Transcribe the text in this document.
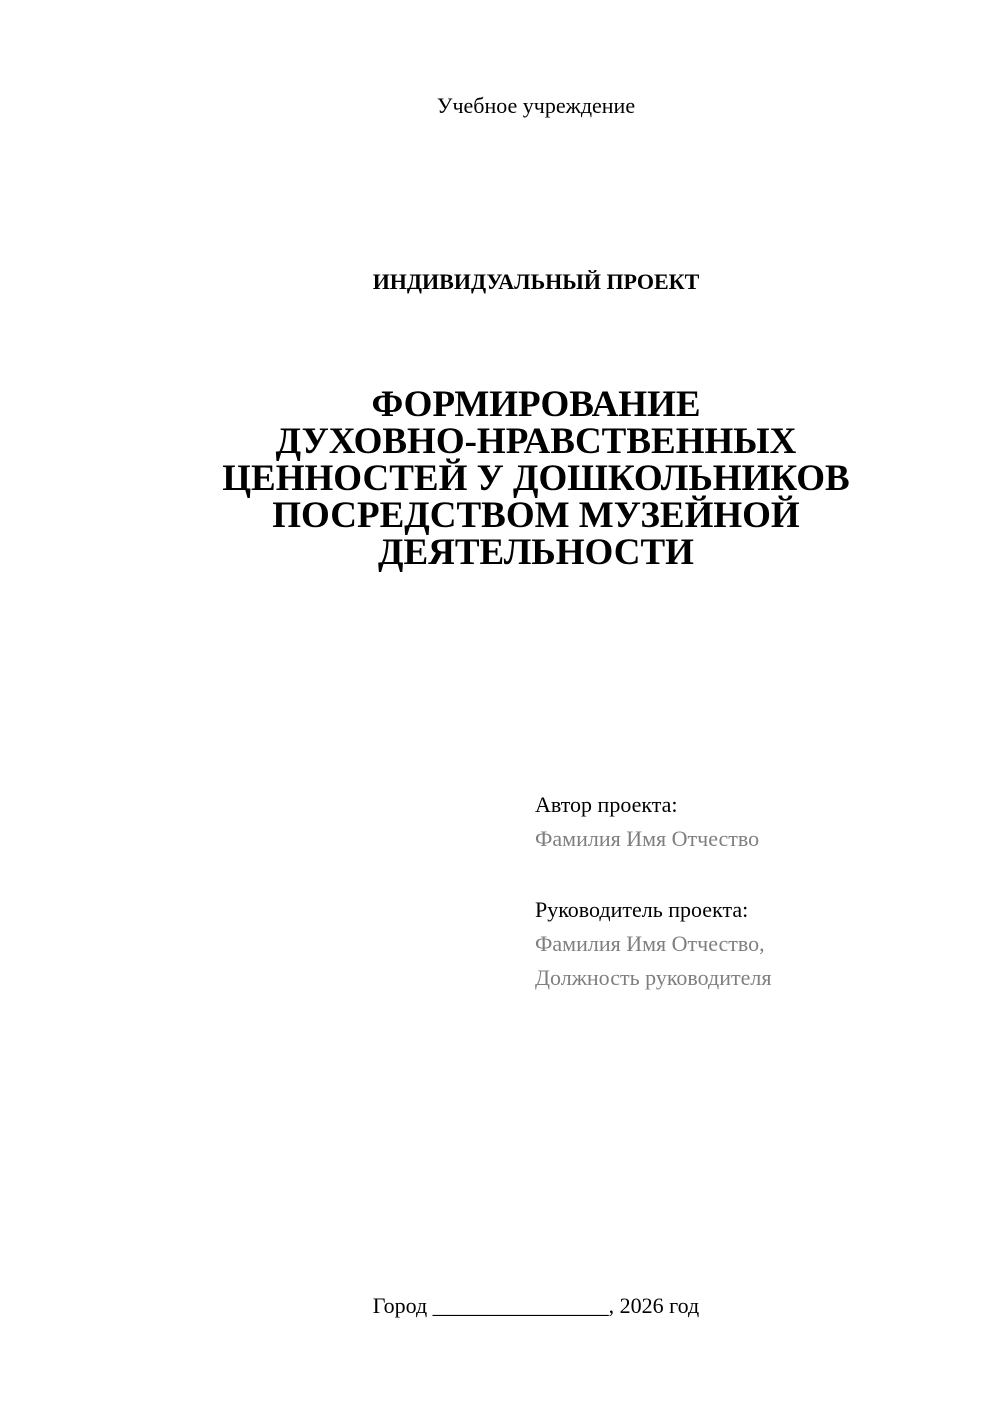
Учебное учреждение
ИНДИВИДУАЛЬНЫЙ ПРОЕКТ
ФОРМИРОВАНИЕ
ДУХОВНО-НРАВСТВЕННЫХ
ЦЕННОСТЕЙ У ДОШКОЛЬНИКОВ
ПОСРЕДСТВОМ МУЗЕЙНОЙ
ДЕЯТЕЛЬНОСТИ
Автор проекта:
Фамилия Имя Отчество
Руководитель проекта:
Фамилия Имя Отчество,
Должность руководителя
Город ________________, 2026 год
